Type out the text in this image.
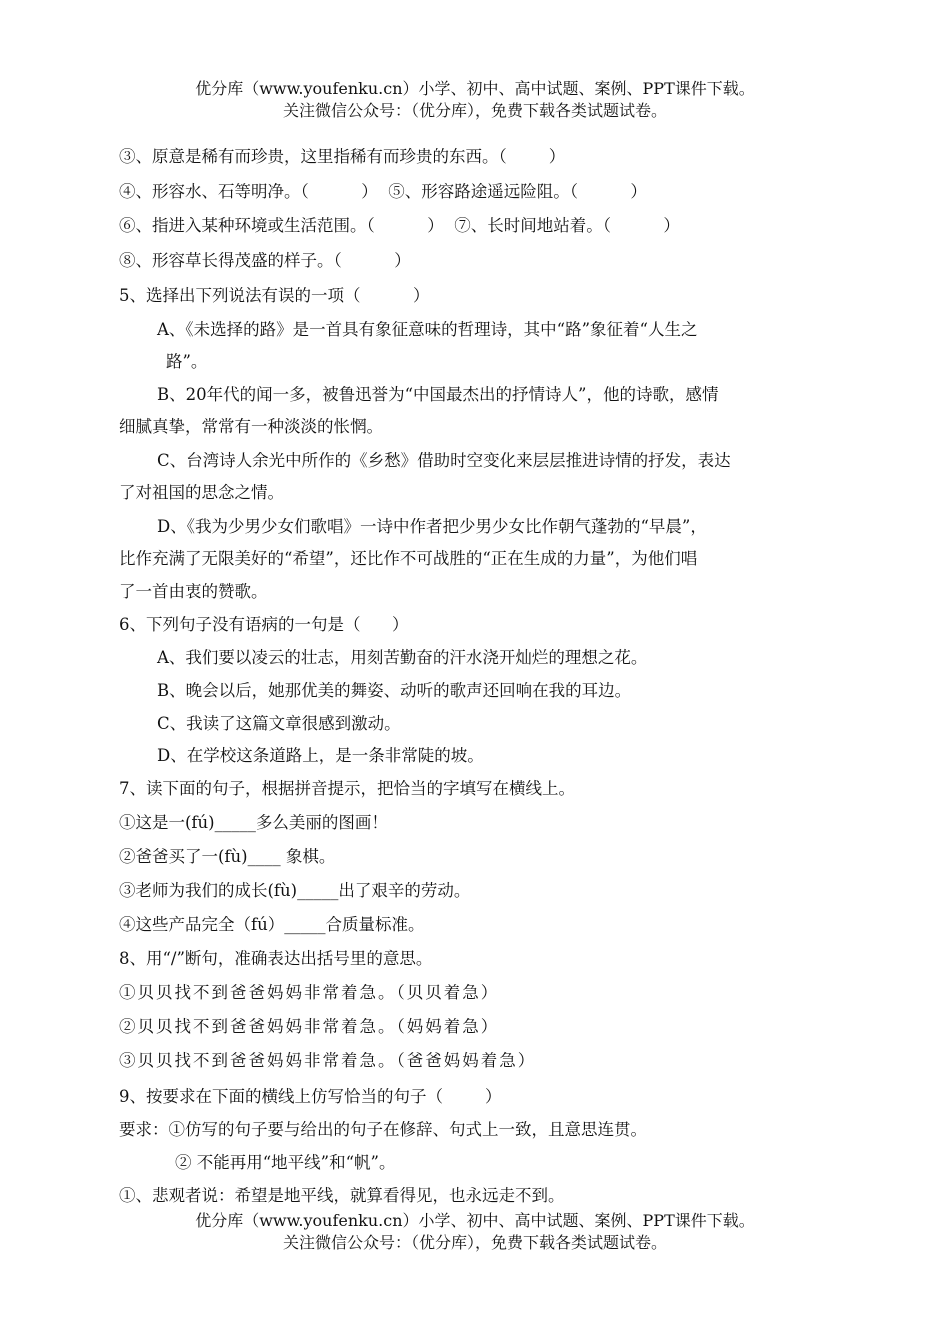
优分库（www.youfenku.cn）小学、初中、高中试题、案例、PPT课件下载。
关注微信公众号：（优分库），免费下载各类试题试卷。
③、原意是稀有而珍贵，这里指稀有而珍贵的东西。（        ）
④、形容水、石等明净。（          ）  ⑤、形容路途遥远险阻。（          ）
⑥、指进入某种环境或生活范围。（          ）  ⑦、长时间地站着。（          ）
⑧、形容草长得茂盛的样子。（          ）
5、选择出下列说法有误的一项（          ）
A、《未选择的路》是一首具有象征意味的哲理诗，其中“路”象征着“人生之
路”。
B、20年代的闻一多，被鲁迅誉为“中国最杰出的抒情诗人”，他的诗歌，感情
细腻真挚，常常有一种淡淡的怅惘。
C、台湾诗人余光中所作的《乡愁》借助时空变化来层层推进诗情的抒发，表达
了对祖国的思念之情。
D、《我为少男少女们歌唱》一诗中作者把少男少女比作朝气蓬勃的“早晨”，
比作充满了无限美好的“希望”，还比作不可战胜的“正在生成的力量”，为他们唱
了一首由衷的赞歌。
6、下列句子没有语病的一句是（      ）
A、我们要以凌云的壮志，用刻苦勤奋的汗水浇开灿烂的理想之花。
B、晚会以后，她那优美的舞姿、动听的歌声还回响在我的耳边。
C、我读了这篇文章很感到激动。
D、在学校这条道路上，是一条非常陡的坡。
7、读下面的句子，根据拼音提示，把恰当的字填写在横线上。
①这是一(fú)_____多么美丽的图画！
②爸爸买了一(fù)____ 象棋。
③老师为我们的成长(fù)_____出了艰辛的劳动。
④这些产品完全（fú）_____合质量标准。
8、用“/”断句，准确表达出括号里的意思。
①贝贝找不到爸爸妈妈非常着急。（贝贝着急）
②贝贝找不到爸爸妈妈非常着急。（妈妈着急）
③贝贝找不到爸爸妈妈非常着急。（爸爸妈妈着急）
9、按要求在下面的横线上仿写恰当的句子（        ）
要求：①仿写的句子要与给出的句子在修辞、句式上一致，且意思连贯。
② 不能再用“地平线”和“帆”。
①、悲观者说：希望是地平线，就算看得见，也永远走不到。
优分库（www.youfenku.cn）小学、初中、高中试题、案例、PPT课件下载。
关注微信公众号：（优分库），免费下载各类试题试卷。
